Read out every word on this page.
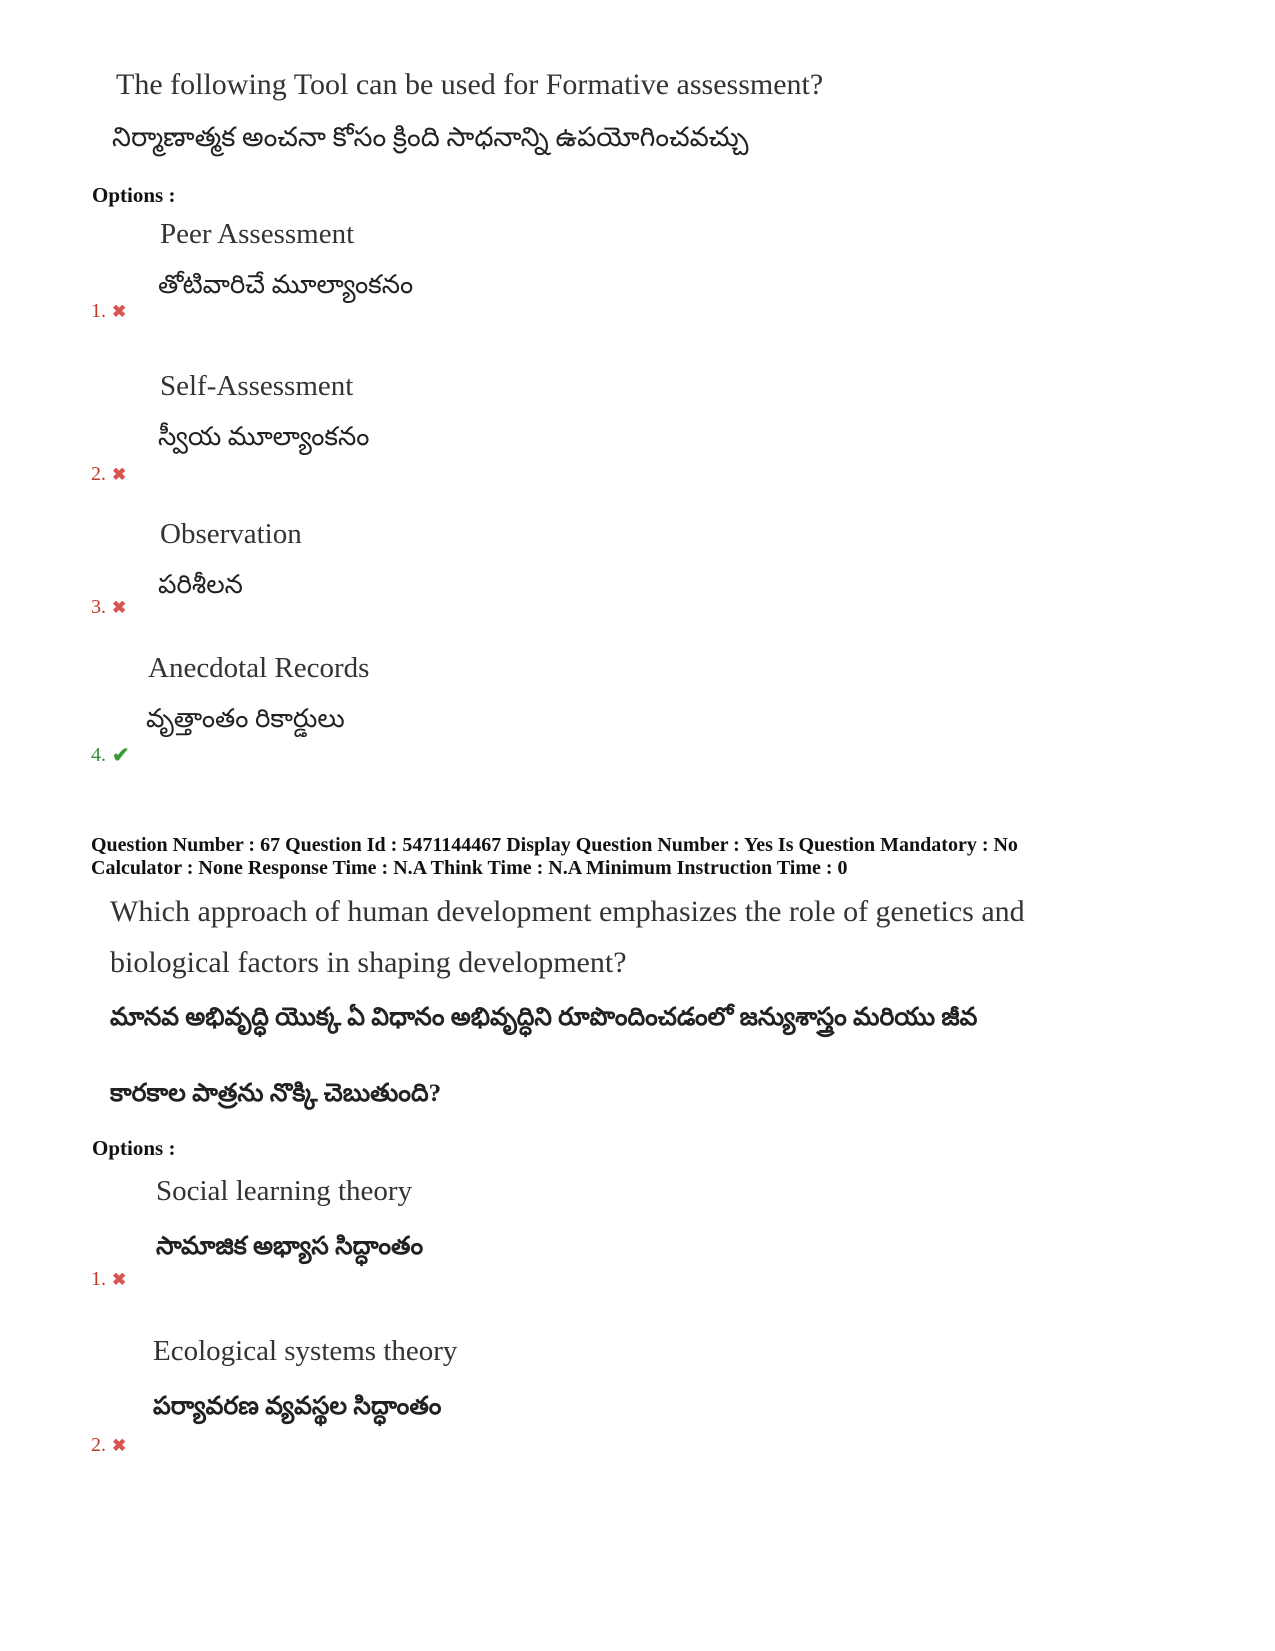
The following Tool can be used for Formative assessment?
నిర్మాణాత్మక అంచనా కోసం క్రింది సాధనాన్ని ఉపయోగించవచ్చు
Options :
Peer Assessment
తోటివారిచే మూల్యాంకనం
1. ✖
Self-Assessment
స్వీయ మూల్యాంకనం
2. ✖
Observation
పరిశీలన
3. ✖
Anecdotal Records
వృత్తాంతం రికార్డులు
4. ✔
Question Number : 67 Question Id : 5471144467 Display Question Number : Yes Is Question Mandatory : No
Calculator : None Response Time : N.A Think Time : N.A Minimum Instruction Time : 0
Which approach of human development emphasizes the role of genetics and
biological factors in shaping development?
మానవ అభివృద్ధి యొక్క ఏ విధానం అభివృద్ధిని రూపొందించడంలో జన్యుశాస్త్రం మరియు జీవ
కారకాల పాత్రను నొక్కి చెబుతుంది?
Options :
Social learning theory
సామాజిక అభ్యాస సిద్ధాంతం
1. ✖
Ecological systems theory
పర్యావరణ వ్యవస్థల సిద్ధాంతం
2. ✖
